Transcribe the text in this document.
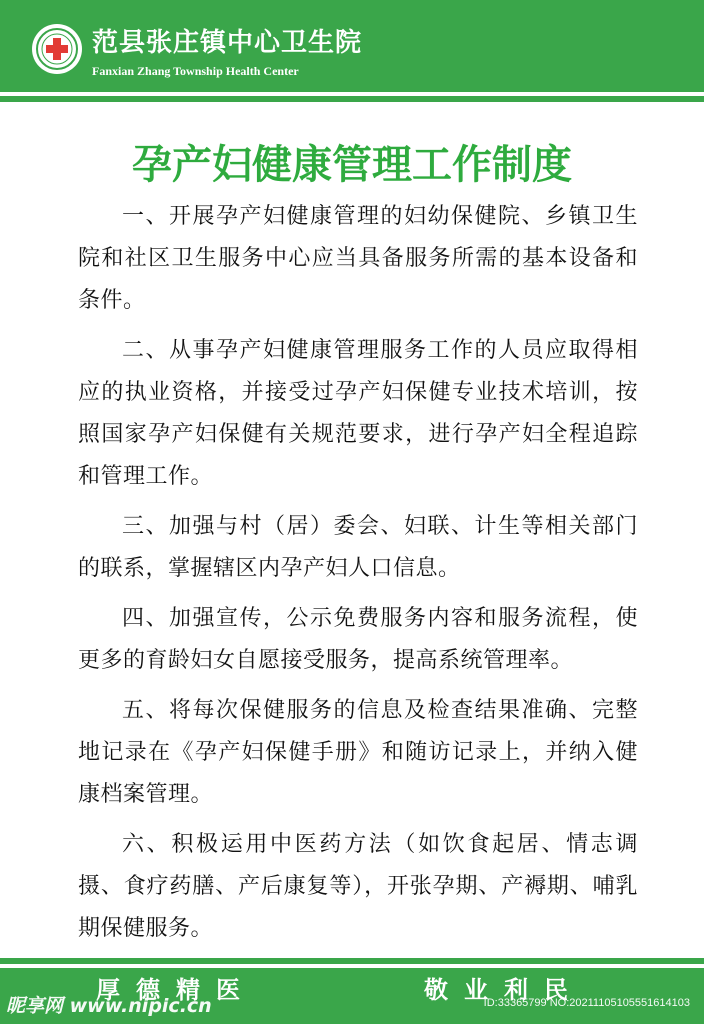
范县张庄镇中心卫生院
Fanxian Zhang Township Health Center
孕产妇健康管理工作制度

一、开展孕产妇健康管理的妇幼保健院、乡镇卫生院和社区卫生服务中心应当具备服务所需的基本设备和条件。

二、从事孕产妇健康管理服务工作的人员应取得相应的执业资格，并接受过孕产妇保健专业技术培训，按照国家孕产妇保健有关规范要求，进行孕产妇全程追踪和管理工作。

三、加强与村（居）委会、妇联、计生等相关部门的联系，掌握辖区内孕产妇人口信息。

四、加强宣传，公示免费服务内容和服务流程，使更多的育龄妇女自愿接受服务，提高系统管理率。

五、将每次保健服务的信息及检查结果准确、完整地记录在《孕产妇保健手册》和随访记录上，并纳入健康档案管理。

六、积极运用中医药方法（如饮食起居、情志调摄、食疗药膳、产后康复等），开张孕期、产褥期、哺乳期保健服务。

厚德精医	敬业利民
昵享网 www.nipic.cn	ID:33365799 NO:20211105105551614103
